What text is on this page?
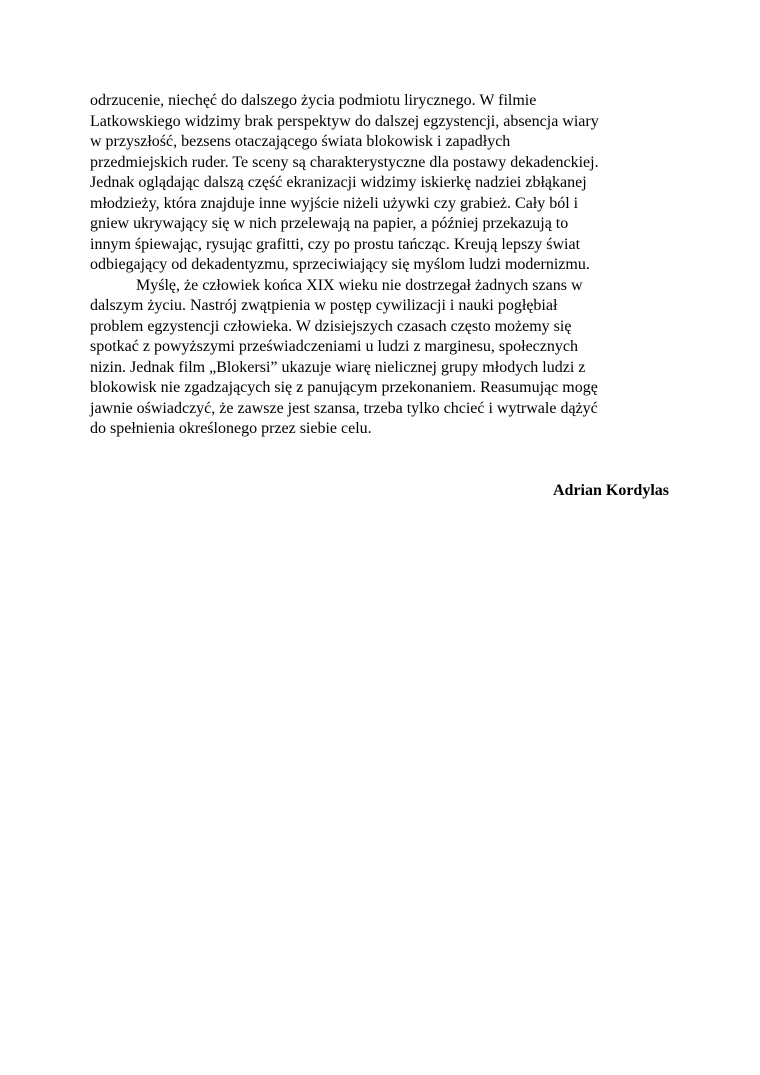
odrzucenie, niechęć do dalszego życia podmiotu lirycznego. W filmie
Latkowskiego widzimy brak perspektyw do dalszej egzystencji, absencja wiary
w przyszłość, bezsens otaczającego świata blokowisk i zapadłych
przedmiejskich ruder. Te sceny są charakterystyczne dla postawy dekadenckiej.
Jednak oglądając dalszą część ekranizacji widzimy iskierkę nadziei zbłąkanej
młodzieży, która znajduje inne wyjście niżeli używki czy grabież. Cały ból i
gniew ukrywający się w nich przelewają na papier, a później przekazują to
innym śpiewając, rysując grafitti, czy po prostu tańcząc. Kreują lepszy świat
odbiegający od dekadentyzmu, sprzeciwiający się myślom ludzi modernizmu.
Myślę, że człowiek końca XIX wieku nie dostrzegał żadnych szans w
dalszym życiu. Nastrój zwątpienia w postęp cywilizacji i nauki pogłębiał
problem egzystencji człowieka. W dzisiejszych czasach często możemy się
spotkać z powyższymi przeświadczeniami u ludzi z marginesu, społecznych
nizin. Jednak film „Blokersi” ukazuje wiarę nielicznej grupy młodych ludzi z
blokowisk nie zgadzających się z panującym przekonaniem. Reasumując mogę
jawnie oświadczyć, że zawsze jest szansa, trzeba tylko chcieć i wytrwale dążyć
do spełnienia określonego przez siebie celu.
Adrian Kordylas
